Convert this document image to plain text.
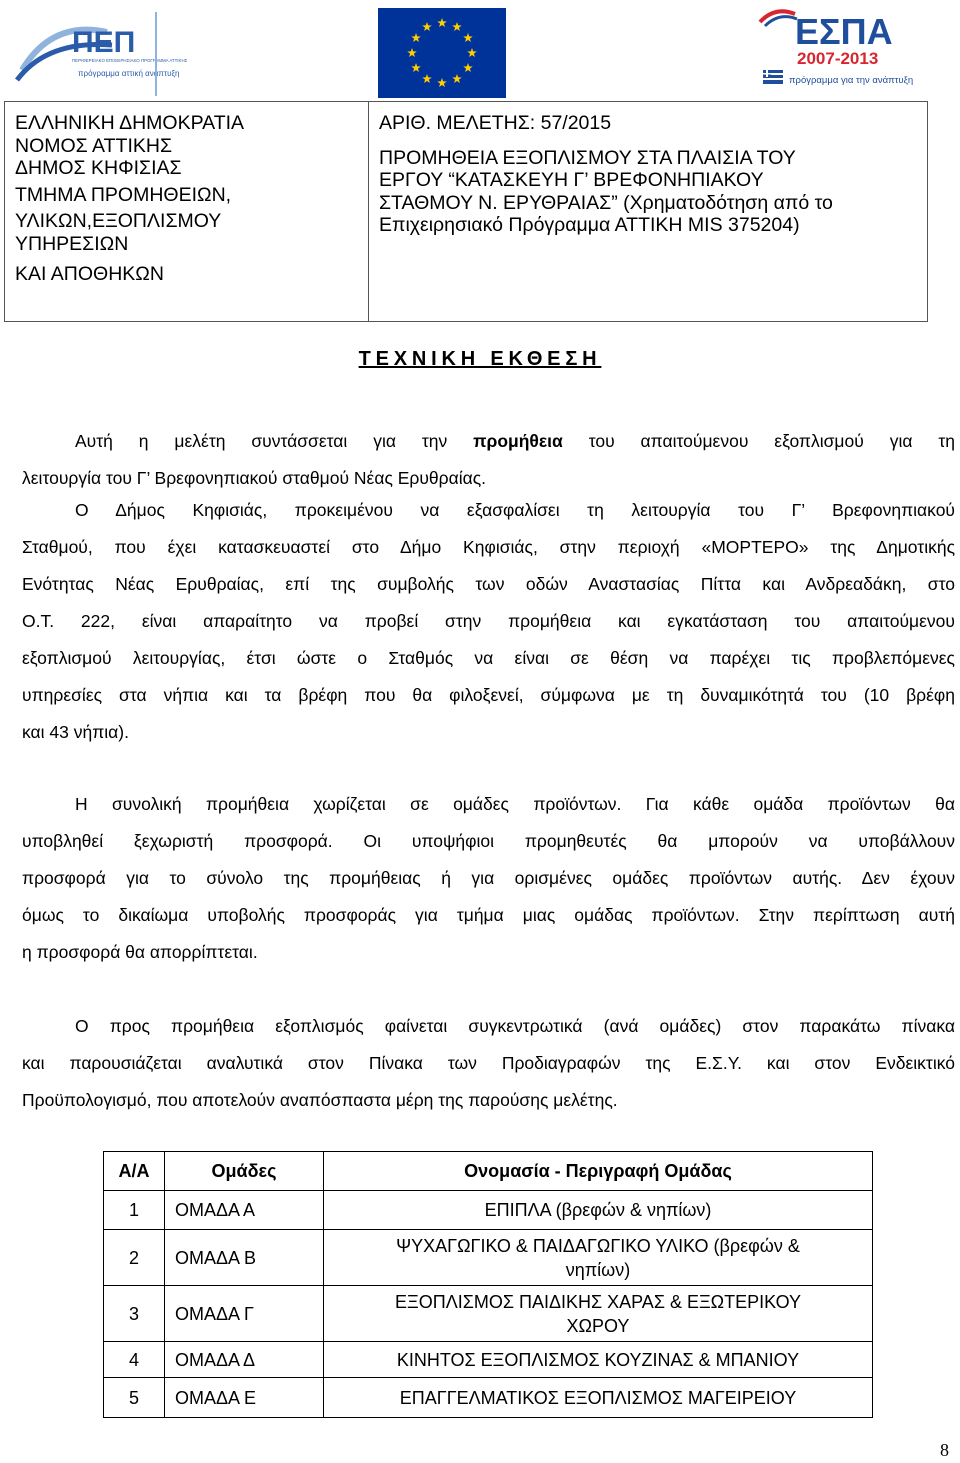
ΠΕΠ
ΠΕΡΙΦΕΡΕΙΑΚΟ ΕΠΙΧΕΙΡΗΣΙΑΚΟ ΠΡΟΓΡΑΜΜΑ ΑΤΤΙΚΗΣ
πρόγραμμα αττική ανάπτυξη
ΕΣΠΑ
2007-2013
πρόγραμμα για την ανάπτυξη
ΕΛΛΗΝΙΚΗ ΔΗΜΟΚΡΑΤΙΑ
ΝΟΜΟΣ ΑΤΤΙΚΗΣ
ΔΗΜΟΣ ΚΗΦΙΣΙΑΣ
ΤΜΗΜΑ ΠΡΟΜΗΘΕΙΩΝ,
ΥΛΙΚΩΝ,ΕΞΟΠΛΙΣΜΟΥ
ΥΠΗΡΕΣΙΩΝ
ΚΑΙ ΑΠΟΘΗΚΩΝ

ΑΡΙΘ. ΜΕΛΕΤΗΣ: 57/2015
ΠΡΟΜΗΘΕΙΑ ΕΞΟΠΛΙΣΜΟΥ ΣΤΑ ΠΛΑΙΣΙΑ ΤΟΥ
ΕΡΓΟΥ “ΚΑΤΑΣΚΕΥΗ Γ’ ΒΡΕΦΟΝΗΠΙΑΚΟΥ
ΣΤΑΘΜΟΥ Ν. ΕΡΥΘΡΑΙΑΣ” (Χρηματοδότηση από το
Επιχειρησιακό Πρόγραμμα ΑΤΤΙΚΗ MIS 375204)
ΤΕΧΝΙΚΗ ΕΚΘΕΣΗ
Αυτή η μελέτη συντάσσεται για την προμήθεια του απαιτούμενου εξοπλισμού για τη
λειτουργία του Γ’ Βρεφονηπιακού σταθμού Νέας Ερυθραίας.
Ο Δήμος Κηφισιάς, προκειμένου να εξασφαλίσει τη λειτουργία του Γ’ Βρεφονηπιακού
Σταθμού, που έχει κατασκευαστεί στο Δήμο Κηφισιάς, στην περιοχή «ΜΟΡΤΕΡΟ» της Δημοτικής
Ενότητας Νέας Ερυθραίας, επί της συμβολής των οδών Αναστασίας Πίττα και Ανδρεαδάκη, στο
Ο.Τ. 222, είναι απαραίτητο να προβεί στην προμήθεια και εγκατάσταση του απαιτούμενου
εξοπλισμού λειτουργίας, έτσι ώστε ο Σταθμός να είναι σε θέση να παρέχει τις προβλεπόμενες
υπηρεσίες στα νήπια και τα βρέφη που θα φιλοξενεί, σύμφωνα με τη δυναμικότητά του (10 βρέφη
και 43 νήπια).
Η συνολική προμήθεια χωρίζεται σε ομάδες προϊόντων. Για κάθε ομάδα προϊόντων θα
υποβληθεί ξεχωριστή προσφορά. Οι υποψήφιοι προμηθευτές θα μπορούν να υποβάλλουν
προσφορά για το σύνολο της προμήθειας ή για ορισμένες ομάδες προϊόντων αυτής. Δεν έχουν
όμως το δικαίωμα υποβολής προσφοράς για τμήμα μιας ομάδας προϊόντων. Στην περίπτωση αυτή
η προσφορά θα απορρίπτεται.
Ο προς προμήθεια εξοπλισμός φαίνεται συγκεντρωτικά (ανά ομάδες) στον παρακάτω πίνακα
και παρουσιάζεται αναλυτικά στον Πίνακα των Προδιαγραφών της Ε.Σ.Υ. και στον Ενδεικτικό
Προϋπολογισμό, που αποτελούν αναπόσπαστα μέρη της παρούσης μελέτης.
Α/Α	Ομάδες	Ονομασία - Περιγραφή Ομάδας
1	ΟΜΑΔΑ Α	ΕΠΙΠΛΑ (βρεφών & νηπίων)

2	ΟΜΑΔΑ Β	ΨΥΧΑΓΩΓΙΚΟ & ΠΑΙΔΑΓΩΓΙΚΟ ΥΛΙΚΟ (βρεφών &
νηπίων)

3	ΟΜΑΔΑ Γ	ΕΞΟΠΛΙΣΜΟΣ ΠΑΙΔΙΚΗΣ ΧΑΡΑΣ & ΕΞΩΤΕΡΙΚΟΥ
ΧΩΡΟΥ

4	ΟΜΑΔΑ Δ	ΚΙΝΗΤΟΣ ΕΞΟΠΛΙΣΜΟΣ ΚΟΥΖΙΝΑΣ & ΜΠΑΝΙΟΥ

5	ΟΜΑΔΑ Ε	ΕΠΑΓΓΕΛΜΑΤΙΚΟΣ ΕΞΟΠΛΙΣΜΟΣ ΜΑΓΕΙΡΕΙΟΥ
8
